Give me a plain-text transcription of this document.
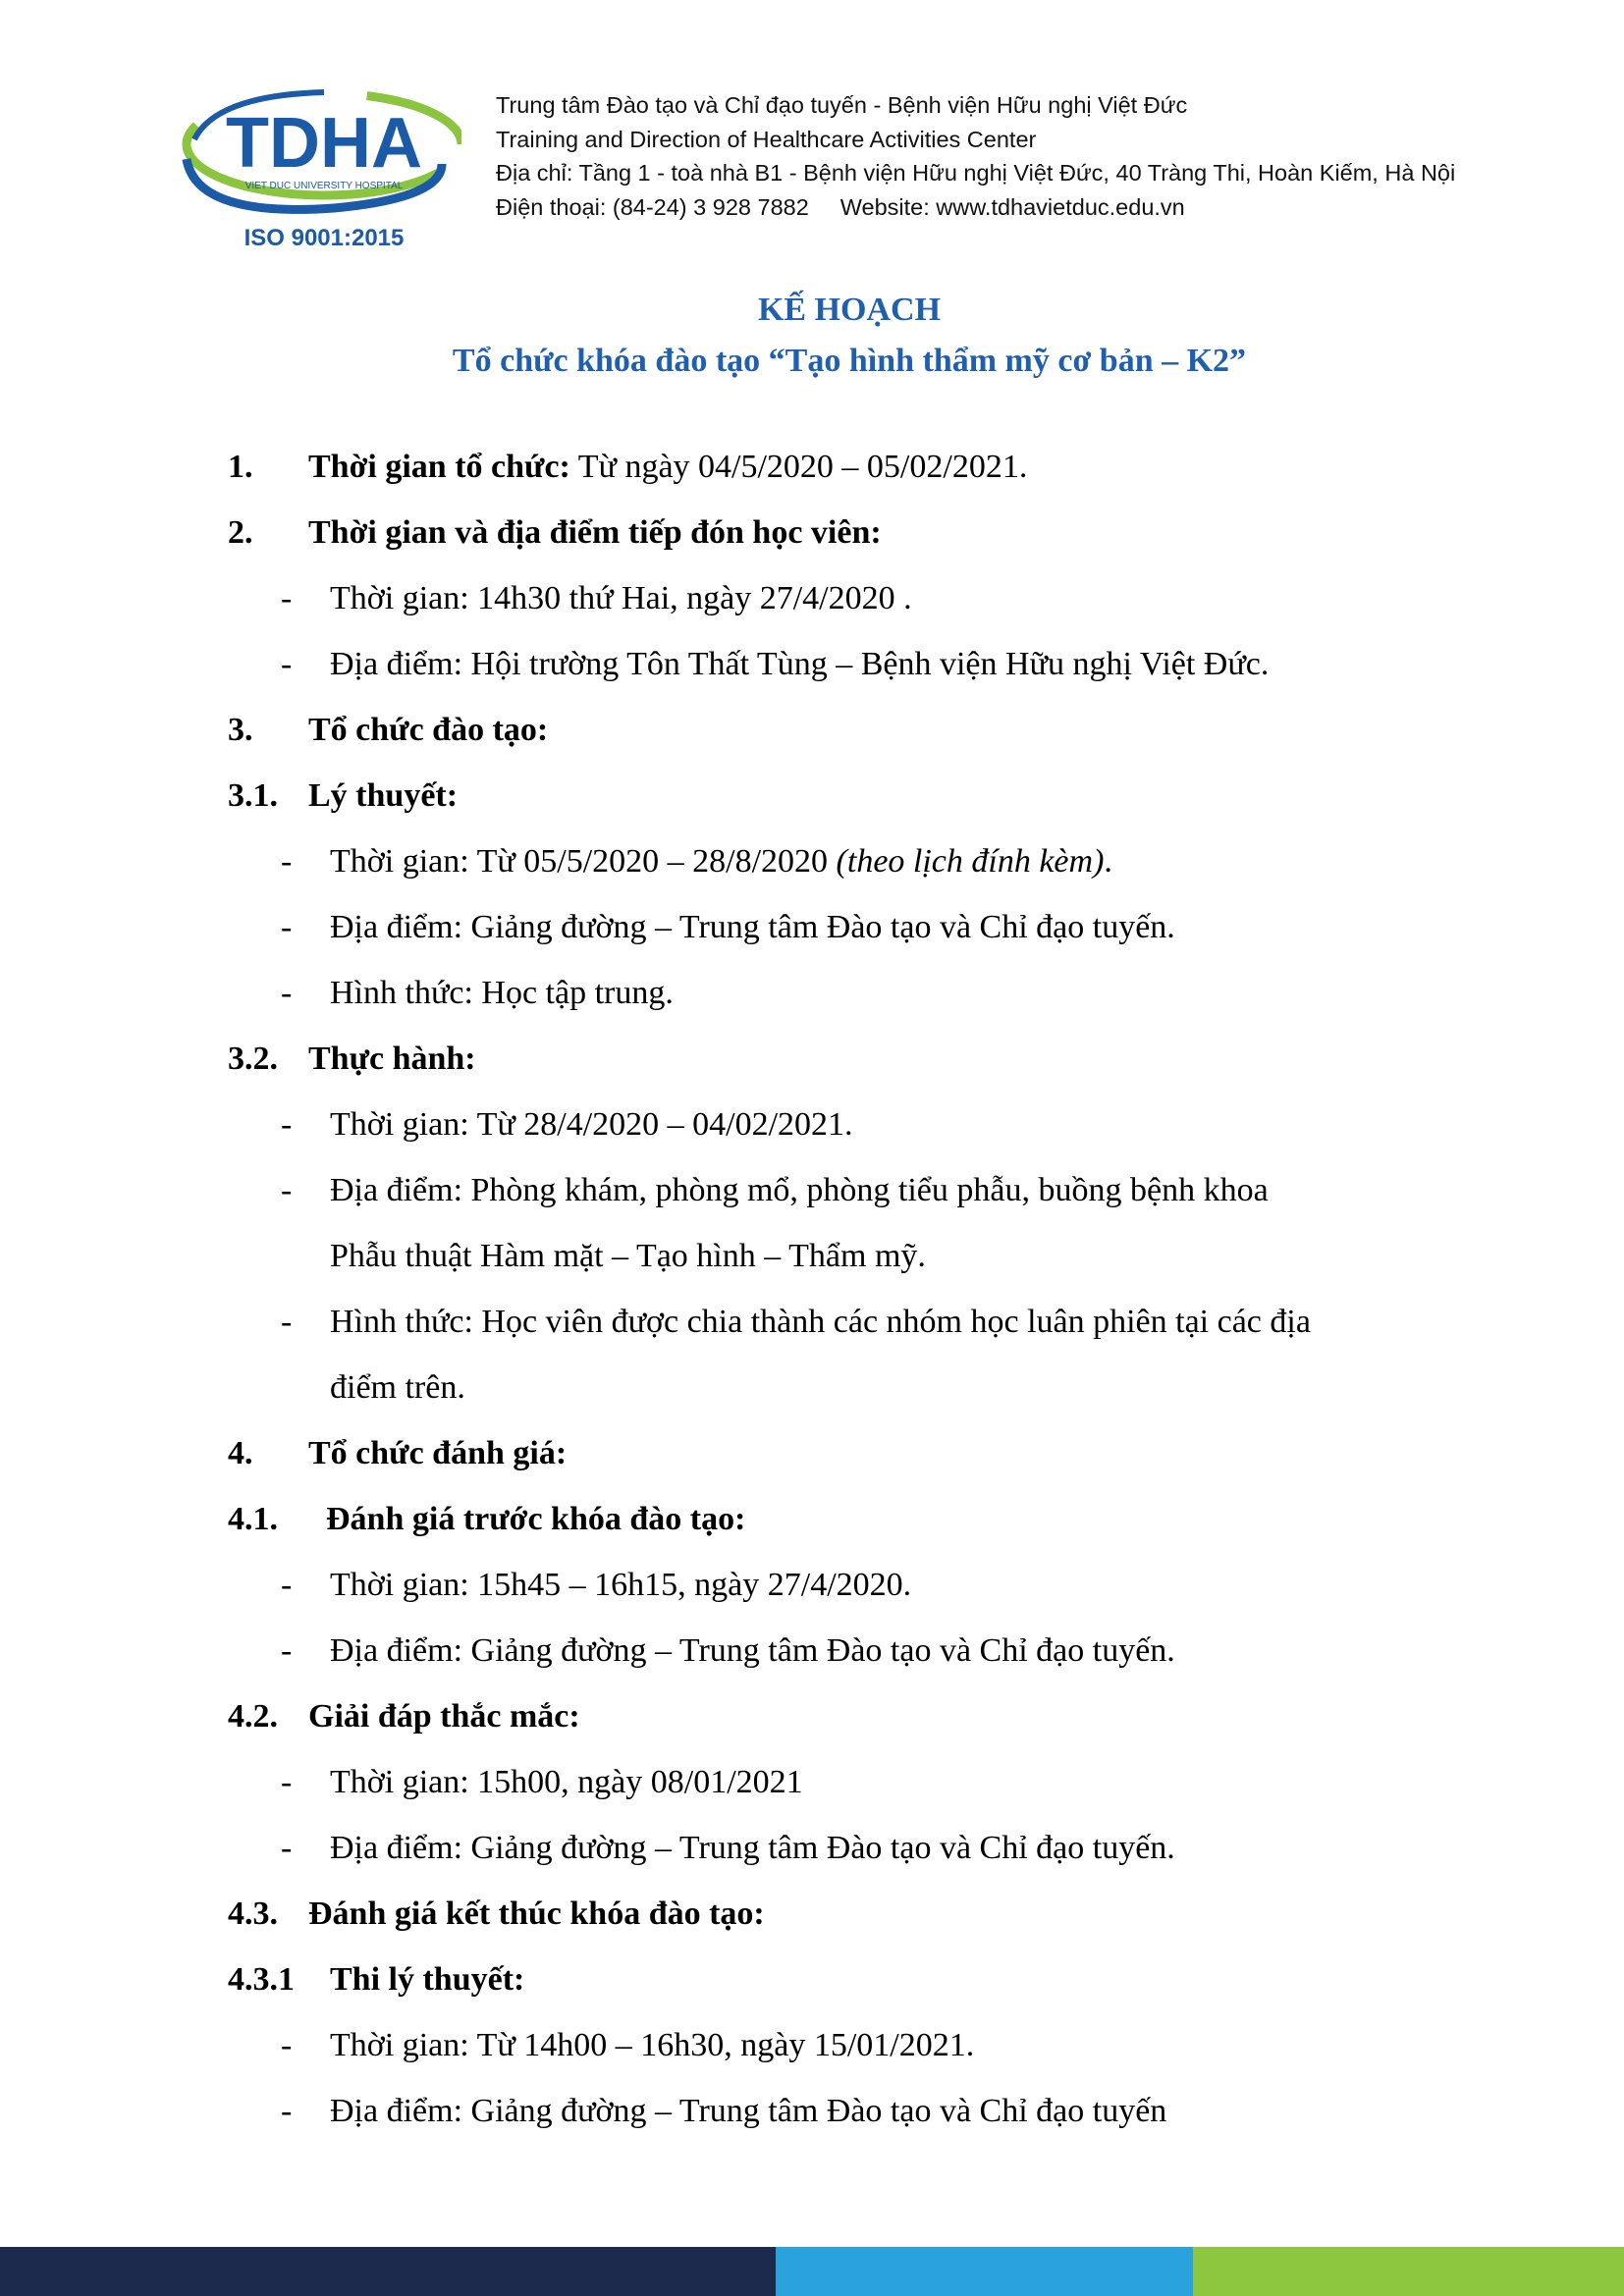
TDHA
VIET DUC UNIVERSITY HOSPITAL
ISO 9001:2015
Trung tâm Đào tạo và Chỉ đạo tuyến - Bệnh viện Hữu nghị Việt Đức
Training and Direction of Healthcare Activities Center
Địa chỉ: Tầng 1 - toà nhà B1 - Bệnh viện Hữu nghị Việt Đức, 40 Tràng Thi, Hoàn Kiếm, Hà Nội
Điện thoại: (84-24) 3 928 7882 Website: www.tdhavietduc.edu.vn
KẾ HOẠCH
Tổ chức khóa đào tạo “Tạo hình thẩm mỹ cơ bản – K2”
1. Thời gian tổ chức: Từ ngày 04/5/2020 – 05/02/2021.
2. Thời gian và địa điểm tiếp đón học viên:
- Thời gian: 14h30 thứ Hai, ngày 27/4/2020 .
- Địa điểm: Hội trường Tôn Thất Tùng – Bệnh viện Hữu nghị Việt Đức.
3. Tổ chức đào tạo:
3.1. Lý thuyết:
- Thời gian: Từ 05/5/2020 – 28/8/2020 (theo lịch đính kèm).
- Địa điểm: Giảng đường – Trung tâm Đào tạo và Chỉ đạo tuyến.
- Hình thức: Học tập trung.
3.2. Thực hành:
- Thời gian: Từ 28/4/2020 – 04/02/2021.
- Địa điểm: Phòng khám, phòng mổ, phòng tiểu phẫu, buồng bệnh khoa
Phẫu thuật Hàm mặt – Tạo hình – Thẩm mỹ.
- Hình thức: Học viên được chia thành các nhóm học luân phiên tại các địa
điểm trên.
4. Tổ chức đánh giá:
4.1. Đánh giá trước khóa đào tạo:
- Thời gian: 15h45 – 16h15, ngày 27/4/2020.
- Địa điểm: Giảng đường – Trung tâm Đào tạo và Chỉ đạo tuyến.
4.2. Giải đáp thắc mắc:
- Thời gian: 15h00, ngày 08/01/2021
- Địa điểm: Giảng đường – Trung tâm Đào tạo và Chỉ đạo tuyến.
4.3. Đánh giá kết thúc khóa đào tạo:
4.3.1 Thi lý thuyết:
- Thời gian: Từ 14h00 – 16h30, ngày 15/01/2021.
- Địa điểm: Giảng đường – Trung tâm Đào tạo và Chỉ đạo tuyến
